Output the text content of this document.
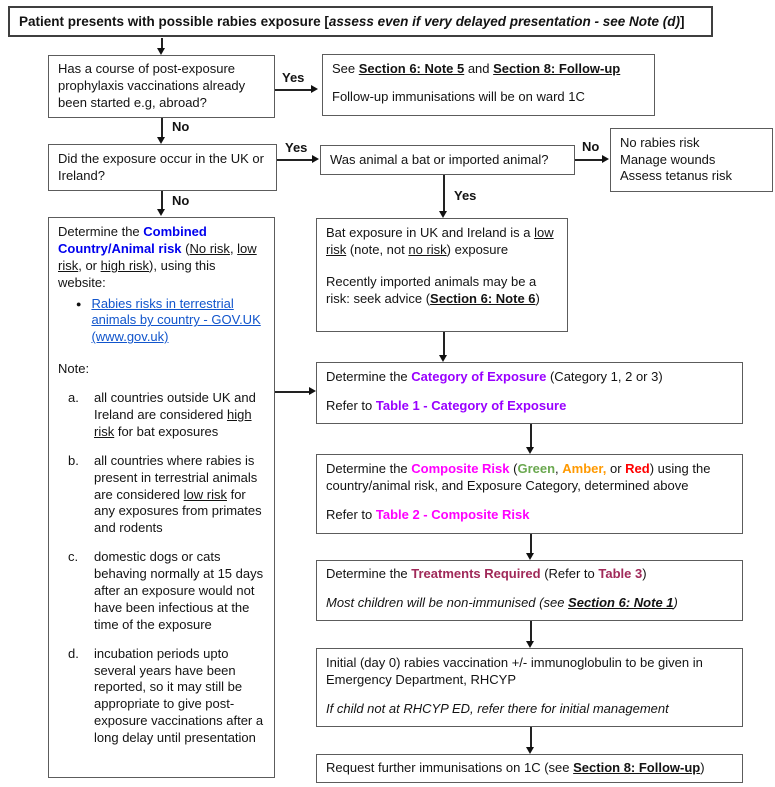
Patient presents with possible rabies exposure [assess even if very delayed presentation - see Note (d)]

Has a course of post-exposure prophylaxis vaccinations already been started e.g, abroad?

See Section 6: Note 5 and Section 8: Follow-up

Follow-up immunisations will be on ward 1C

Did the exposure occur in the UK or Ireland?

Was animal a bat or imported animal?

No rabies risk
Manage wounds
Assess tetanus risk

Determine the Combined Country/Animal risk (No risk, low risk, or high risk), using this website:

● Rabies risks in terrestrial animals by country - GOV.UK (www.gov.uk)

Note:

a.	all countries outside UK and Ireland are considered high risk for bat exposures
b.	all countries where rabies is present in terrestrial animals are considered low risk for any exposures from primates and rodents
c.	domestic dogs or cats behaving normally at 15 days after an exposure would not have been infectious at the time of the exposure
d.	incubation periods upto several years have been reported, so it may still be appropriate to give post-exposure vaccinations after a long delay until presentation

Bat exposure in UK and Ireland is a low risk (note, not no risk) exposure

Recently imported animals may be a risk: seek advice (Section 6: Note 6)

Determine the Category of Exposure (Category 1, 2 or 3)

Refer to Table 1 - Category of Exposure

Determine the Composite Risk (Green, Amber, or Red) using the country/animal risk, and Exposure Category, determined above

Refer to Table 2 - Composite Risk

Determine the Treatments Required (Refer to Table 3)

Most children will be non-immunised (see Section 6: Note 1)

Initial (day 0) rabies vaccination +/- immunoglobulin to be given in Emergency Department, RHCYP

If child not at RHCYP ED, refer there for initial management

Request further immunisations on 1C (see Section 8: Follow-up)

Yes
No
Yes
No
No
Yes
